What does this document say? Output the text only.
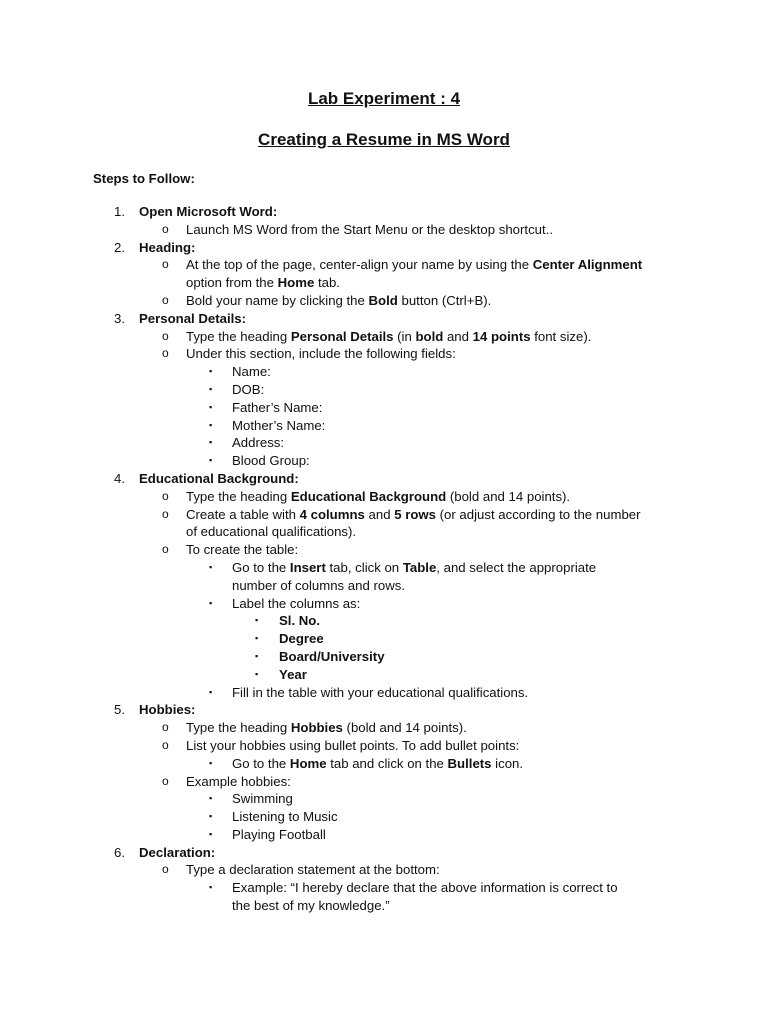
Lab Experiment : 4
Creating a Resume in MS Word
Steps to Follow:
1.	Open Microsoft Word:
o	Launch MS Word from the Start Menu or the desktop shortcut..
2.	Heading:
o	At the top of the page, center-align your name by using the Center Alignment
option from the Home tab.
o	Bold your name by clicking the Bold button (Ctrl+B).
3.	Personal Details:
o	Type the heading Personal Details (in bold and 14 points font size).
o	Under this section, include the following fields:
▪	Name:
▪	DOB:
▪	Father’s Name:
▪	Mother’s Name:
▪	Address:
▪	Blood Group:
4.	Educational Background:
o	Type the heading Educational Background (bold and 14 points).
o	Create a table with 4 columns and 5 rows (or adjust according to the number
of educational qualifications).
o	To create the table:
▪	Go to the Insert tab, click on Table, and select the appropriate
number of columns and rows.
▪	Label the columns as:
▪	Sl. No.
▪	Degree
▪	Board/University
▪	Year
▪	Fill in the table with your educational qualifications.
5.	Hobbies:
o	Type the heading Hobbies (bold and 14 points).
o	List your hobbies using bullet points. To add bullet points:
▪	Go to the Home tab and click on the Bullets icon.
o	Example hobbies:
▪	Swimming
▪	Listening to Music
▪	Playing Football
6.	Declaration:
o	Type a declaration statement at the bottom:
▪	Example: “I hereby declare that the above information is correct to
the best of my knowledge.”
